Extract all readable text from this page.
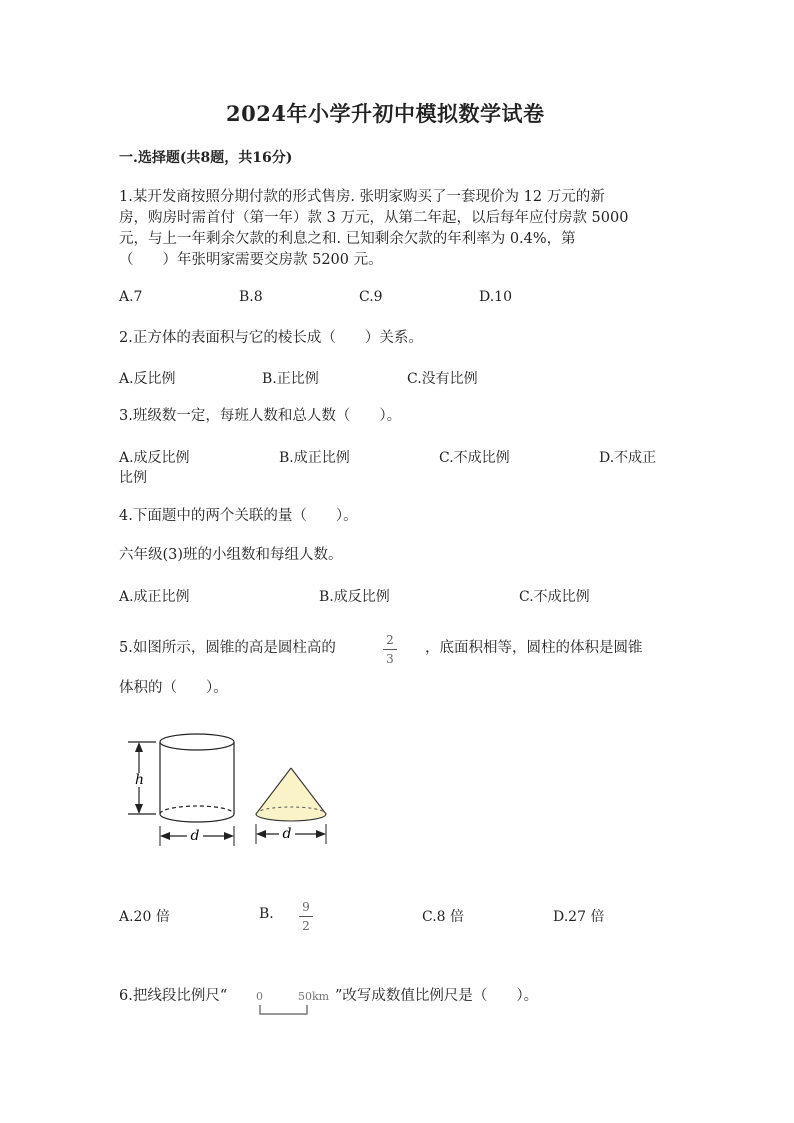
2024年小学升初中模拟数学试卷
一.选择题(共8题，共16分)
1.某开发商按照分期付款的形式售房. 张明家购买了一套现价为 12 万元的新
房，购房时需首付（第一年）款 3 万元，从第二年起，以后每年应付房款 5000
元，与上一年剩余欠款的利息之和. 已知剩余欠款的年利率为 0.4%，第
（　　）年张明家需要交房款 5200 元。
A.7	B.8	C.9	D.10
2.正方体的表面积与它的棱长成（　　）关系。
A.反比例	B.正比例	C.没有比例
3.班级数一定，每班人数和总人数（　　）。
A.成反比例	B.成正比例	C.不成比例	D.不成正
比例
4.下面题中的两个关联的量（　　）。
六年级(3)班的小组数和每组人数。
A.成正比例	B.成反比例	C.不成比例
5.如图所示，圆锥的高是圆柱高的	2
3
，底面积相等，圆柱的体积是圆锥
体积的（　　）。
h
d	d
A.20 倍	B. 9
2
C.8 倍	D.27 倍
6.把线段比例尺“	0	50km ”改写成数值比例尺是（　　）。
